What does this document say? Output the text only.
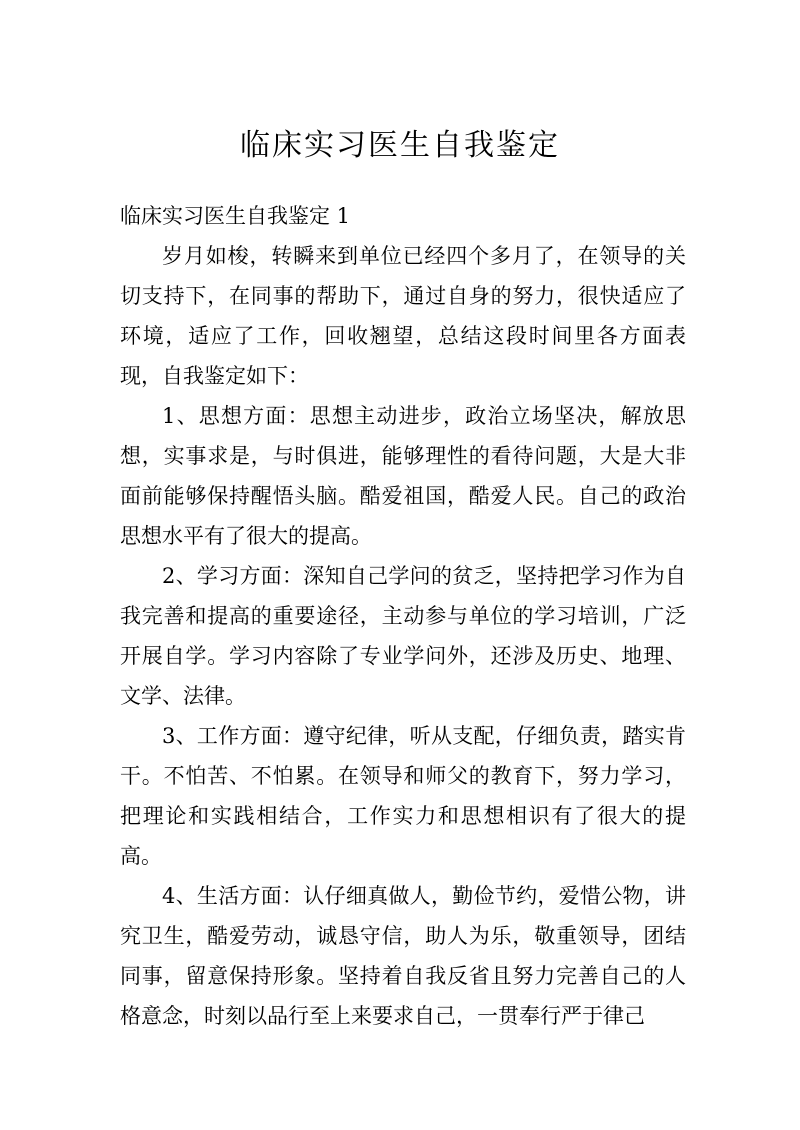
临床实习医生自我鉴定

临床实习医生自我鉴定 1

岁月如梭，转瞬来到单位已经四个多月了，在领导的关切支持下，在同事的帮助下，通过自身的努力，很快适应了环境，适应了工作，回收翘望，总结这段时间里各方面表现，自我鉴定如下：

1、思想方面：思想主动进步，政治立场坚决，解放思想，实事求是，与时俱进，能够理性的看待问题，大是大非面前能够保持醒悟头脑。酷爱祖国，酷爱人民。自己的政治思想水平有了很大的提高。

2、学习方面：深知自己学问的贫乏，坚持把学习作为自我完善和提高的重要途径，主动参与单位的学习培训，广泛开展自学。学习内容除了专业学问外，还涉及历史、地理、文学、法律。

3、工作方面：遵守纪律，听从支配，仔细负责，踏实肯干。不怕苦、不怕累。在领导和师父的教育下，努力学习，把理论和实践相结合，工作实力和思想相识有了很大的提高。

4、生活方面：认仔细真做人，勤俭节约，爱惜公物，讲究卫生，酷爱劳动，诚恳守信，助人为乐，敬重领导，团结同事，留意保持形象。坚持着自我反省且努力完善自己的人格意念，时刻以品行至上来要求自己，一贯奉行严于律己
